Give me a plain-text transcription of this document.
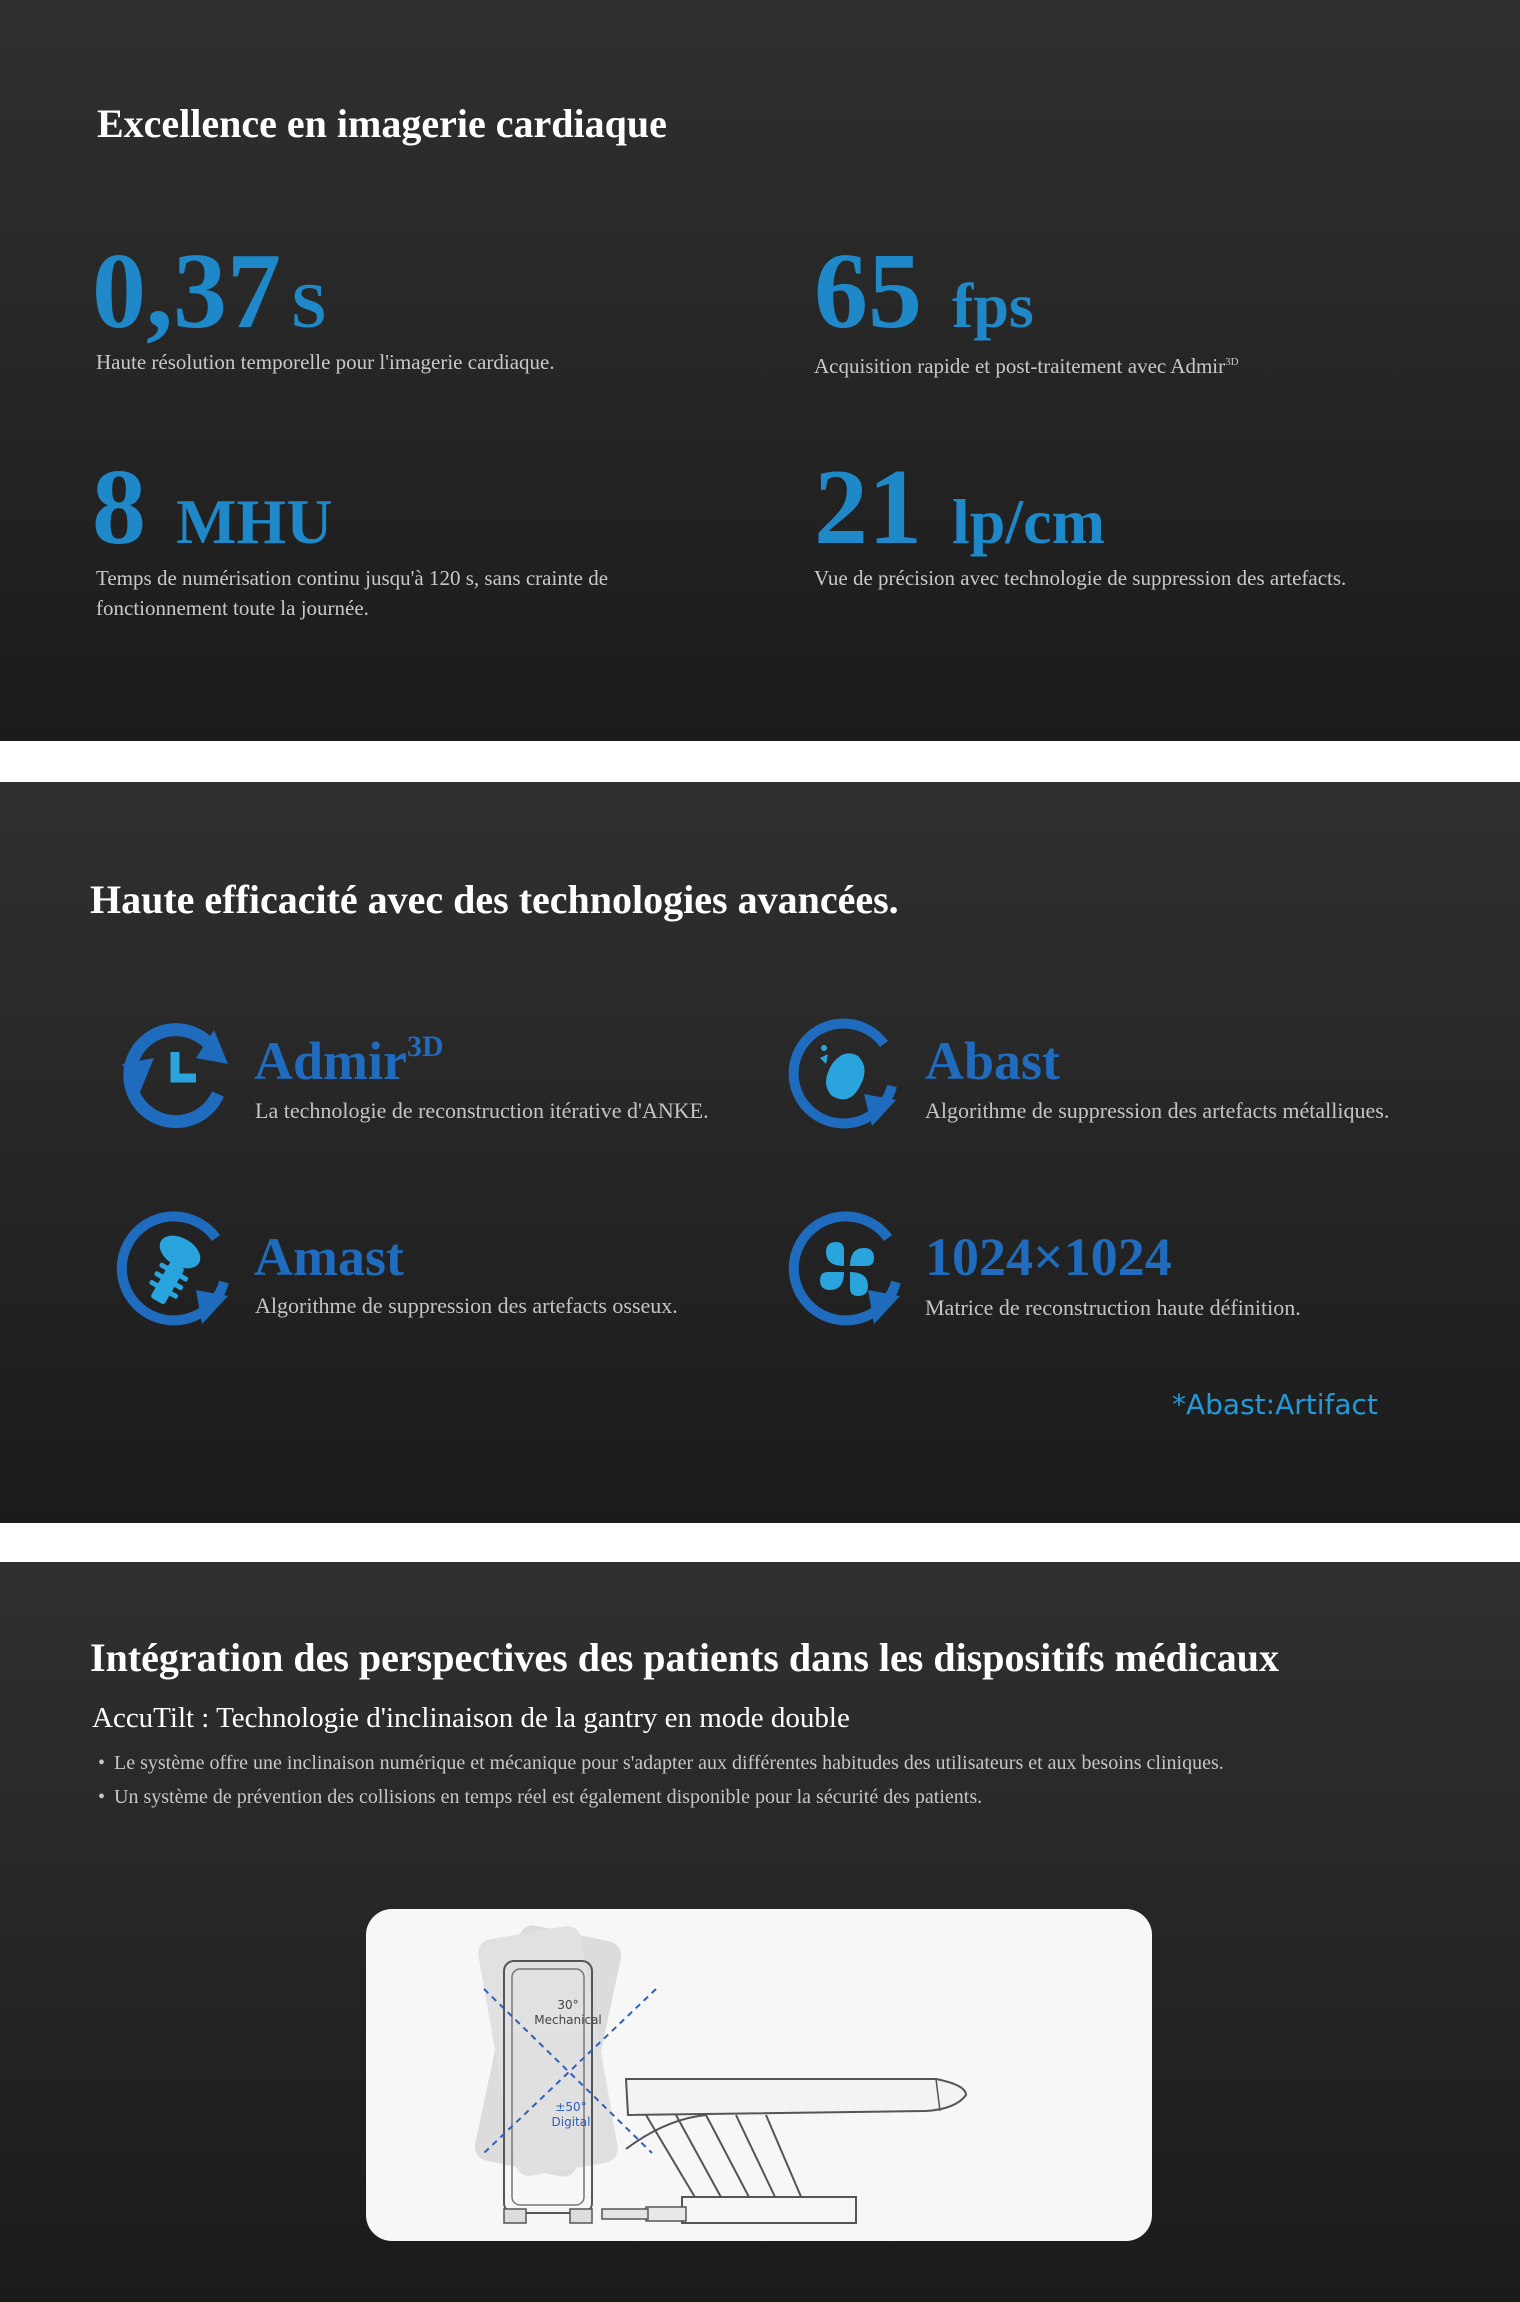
Excellence en imagerie cardiaque
0,37 S
Haute résolution temporelle pour l'imagerie cardiaque.
65 fps
Acquisition rapide et post-traitement avec Admir$^{3D}$
8 MHU
Temps de numérisation continu jusqu'à 120 s, sans crainte de fonctionnement toute la journée.
21 lp/cm
Vue de précision avec technologie de suppression des artefacts.
Haute efficacité avec des technologies avancées.
Admir$^{3D}$
La technologie de reconstruction itérative d'ANKE.
Abast
Algorithme de suppression des artefacts métalliques.
Amast
Algorithme de suppression des artefacts osseux.
1024×1024
Matrice de reconstruction haute définition.
*Abast:Artifact
Intégration des perspectives des patients dans les dispositifs médicaux
AccuTilt : Technologie d'inclinaison de la gantry en mode double
• Le système offre une inclinaison numérique et mécanique pour s'adapter aux différentes habitudes des utilisateurs et aux besoins cliniques.
• Un système de prévention des collisions en temps réel est également disponible pour la sécurité des patients.
30°
Mechanical
±50°
Digital
